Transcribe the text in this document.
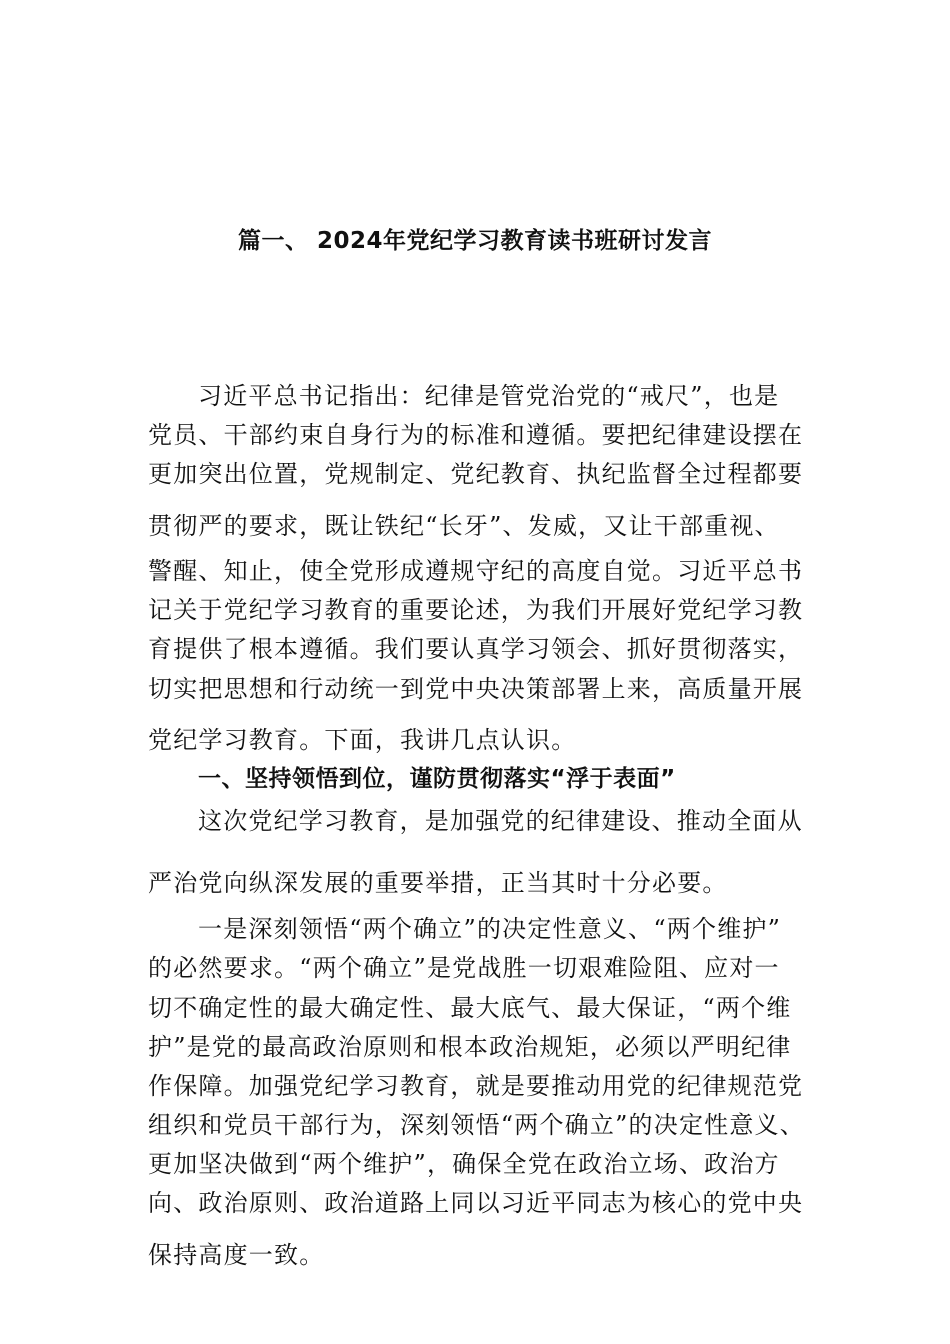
篇一、 2024年党纪学习教育读书班研讨发言
习近平总书记指出：纪律是管党治党的“戒尺”，也是
党员、干部约束自身行为的标准和遵循。要把纪律建设摆在
更加突出位置，党规制定、党纪教育、执纪监督全过程都要
贯彻严的要求，既让铁纪“长牙”、发威，又让干部重视、
警醒、知止，使全党形成遵规守纪的高度自觉。习近平总书
记关于党纪学习教育的重要论述，为我们开展好党纪学习教
育提供了根本遵循。我们要认真学习领会、抓好贯彻落实，
切实把思想和行动统一到党中央决策部署上来，高质量开展
党纪学习教育。下面，我讲几点认识。
一、坚持领悟到位，谨防贯彻落实“浮于表面”
这次党纪学习教育，是加强党的纪律建设、推动全面从
严治党向纵深发展的重要举措，正当其时十分必要。
一是深刻领悟“两个确立”的决定性意义、“两个维护”
的必然要求。“两个确立”是党战胜一切艰难险阻、应对一
切不确定性的最大确定性、最大底气、最大保证，“两个维
护”是党的最高政治原则和根本政治规矩，必须以严明纪律
作保障。加强党纪学习教育，就是要推动用党的纪律规范党
组织和党员干部行为，深刻领悟“两个确立”的决定性意义、
更加坚决做到“两个维护”，确保全党在政治立场、政治方
向、政治原则、政治道路上同以习近平同志为核心的党中央
保持高度一致。
